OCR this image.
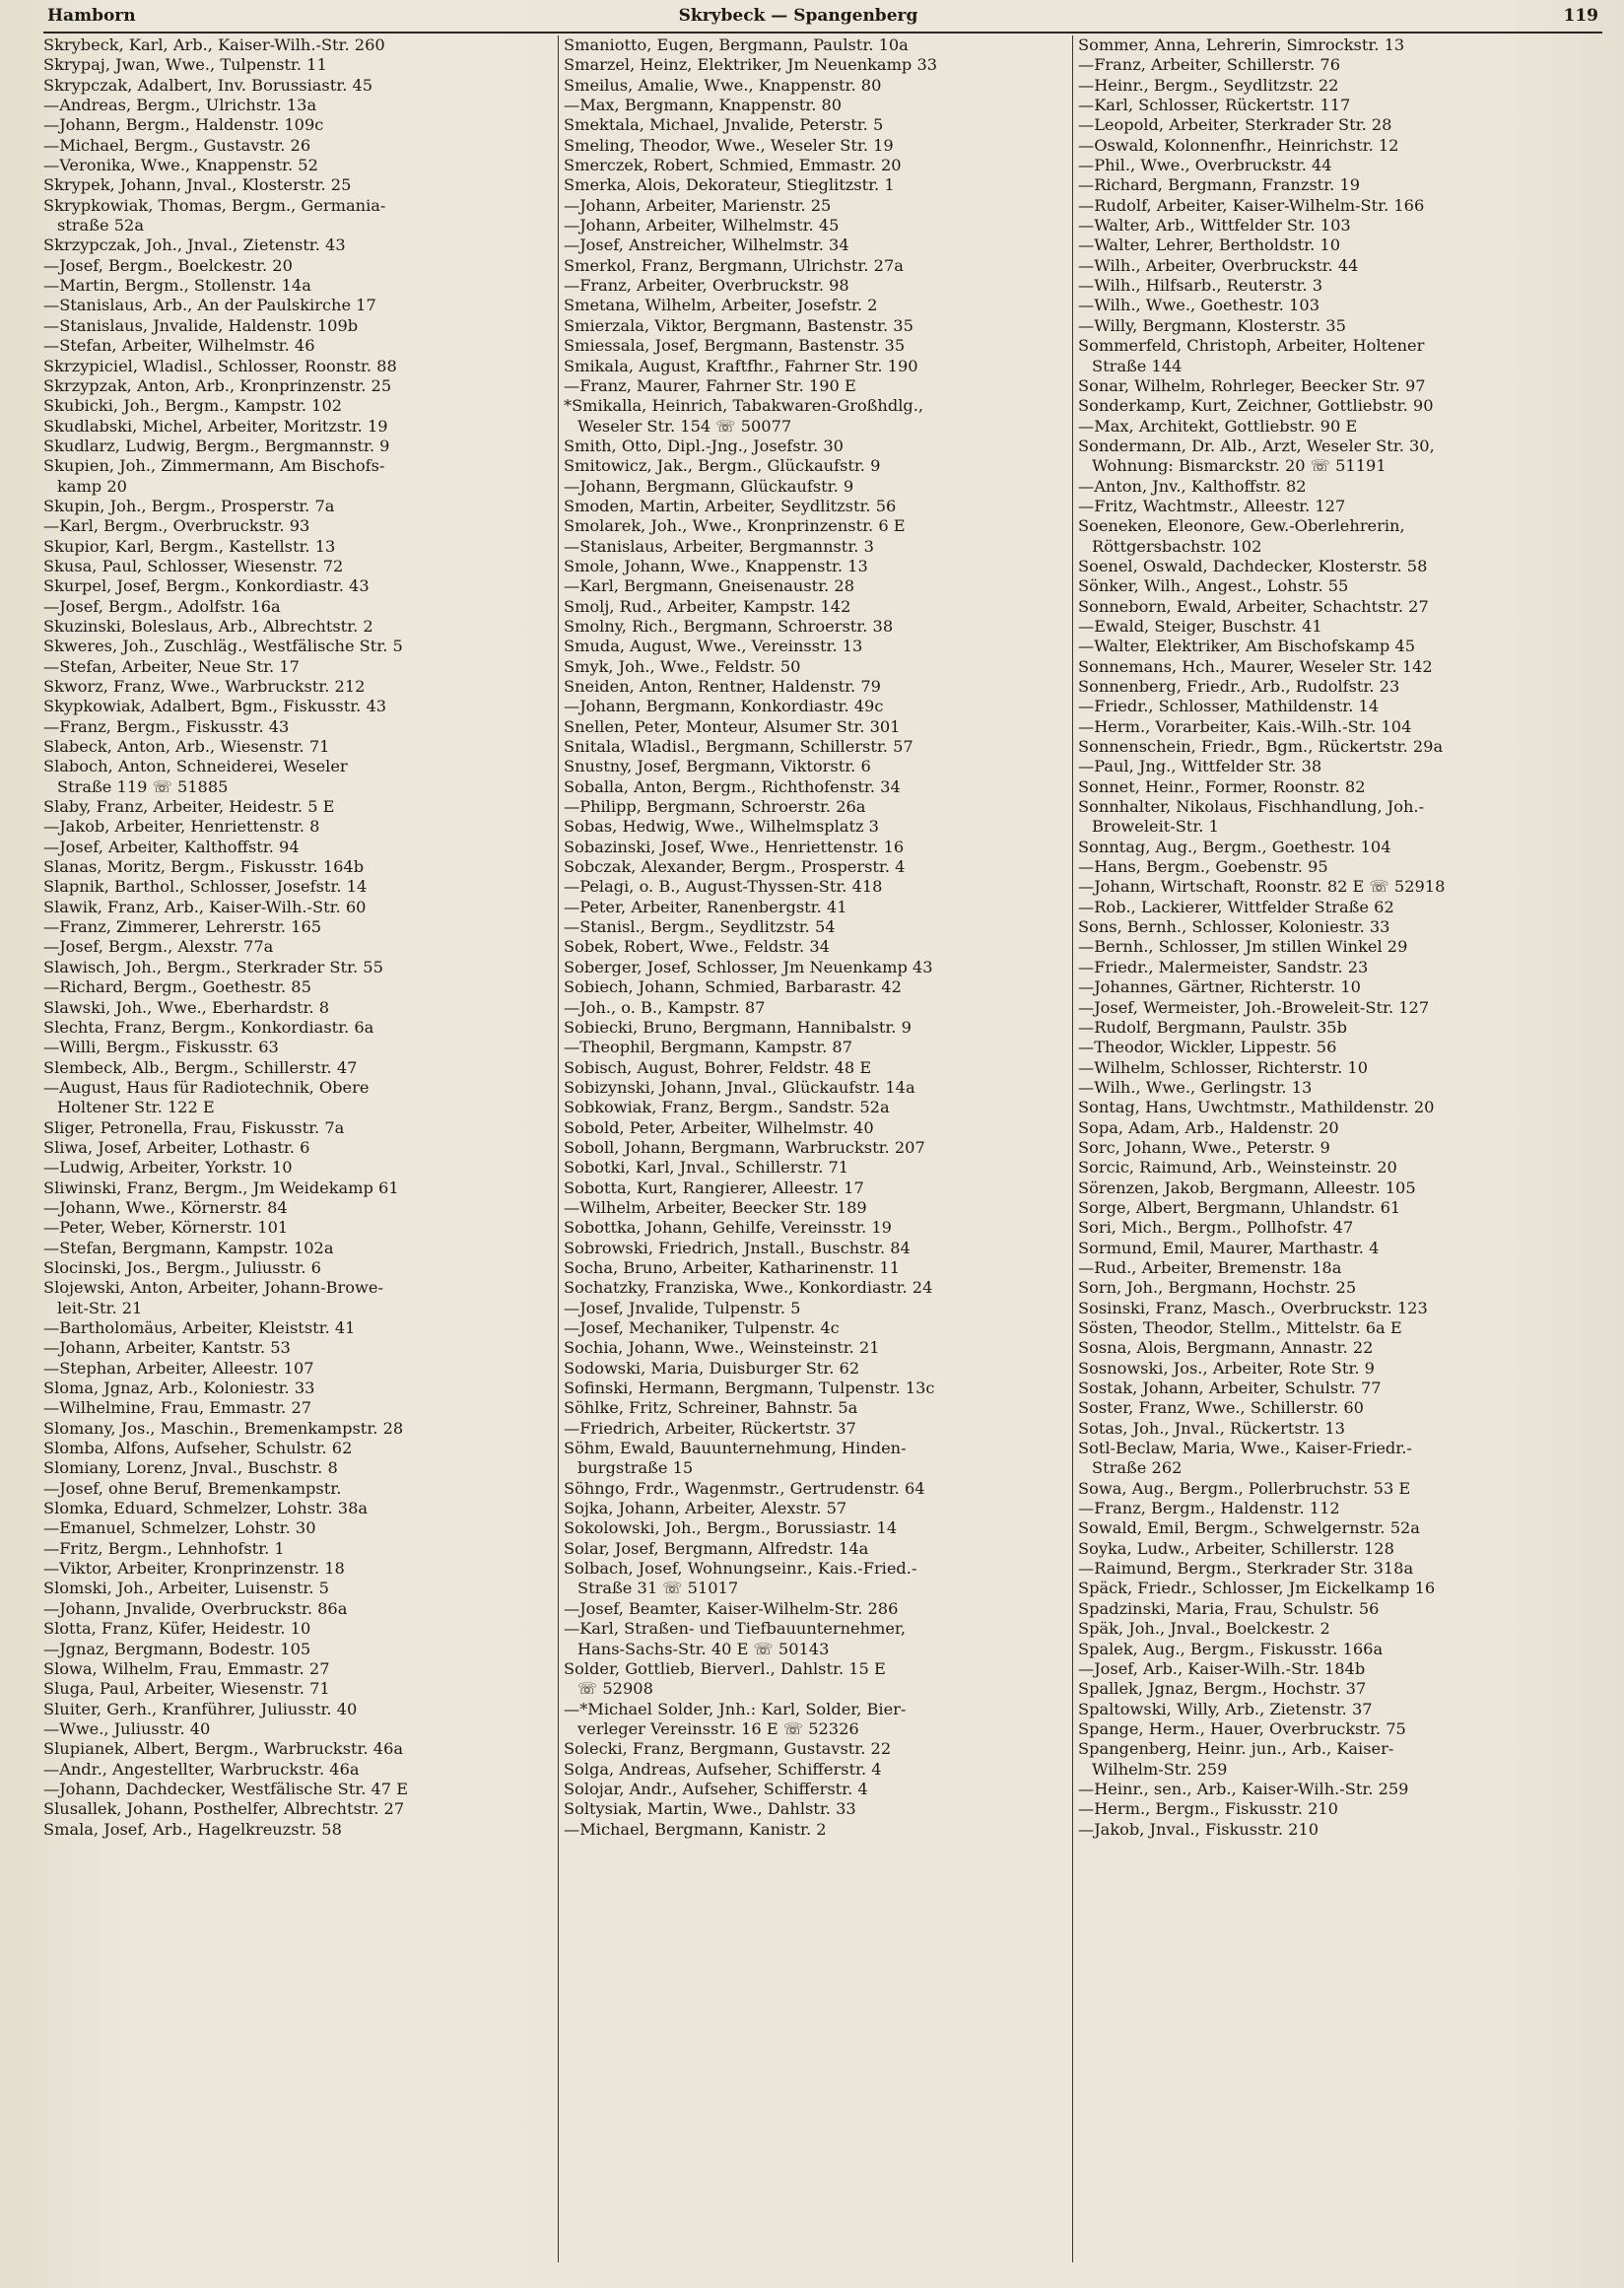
Hamborn	Skrybeck — Spangenberg	119
Skrybeck, Karl, Arb., Kaiser-Wilh.-Str. 260
Skrypaj, Jwan, Wwe., Tulpenstr. 11
Skrypczak, Adalbert, Inv. Borussiastr. 45
—Andreas, Bergm., Ulrichstr. 13a
—Johann, Bergm., Haldenstr. 109c
—Michael, Bergm., Gustavstr. 26
—Veronika, Wwe., Knappenstr. 52
Skrypek, Johann, Jnval., Klosterstr. 25
Skrypkowiak, Thomas, Bergm., Germania-
straße 52a
Skrzypczak, Joh., Jnval., Zietenstr. 43
—Josef, Bergm., Boelckestr. 20
—Martin, Bergm., Stollenstr. 14a
—Stanislaus, Arb., An der Paulskirche 17
—Stanislaus, Jnvalide, Haldenstr. 109b
—Stefan, Arbeiter, Wilhelmstr. 46
Skrzypiciel, Wladisl., Schlosser, Roonstr. 88
Skrzypzak, Anton, Arb., Kronprinzenstr. 25
Skubicki, Joh., Bergm., Kampstr. 102
Skudlabski, Michel, Arbeiter, Moritzstr. 19
Skudlarz, Ludwig, Bergm., Bergmannstr. 9
Skupien, Joh., Zimmermann, Am Bischofs-
kamp 20
Skupin, Joh., Bergm., Prosperstr. 7a
—Karl, Bergm., Overbruckstr. 93
Skupior, Karl, Bergm., Kastellstr. 13
Skusa, Paul, Schlosser, Wiesenstr. 72
Skurpel, Josef, Bergm., Konkordiastr. 43
—Josef, Bergm., Adolfstr. 16a
Skuzinski, Boleslaus, Arb., Albrechtstr. 2
Skweres, Joh., Zuschläg., Westfälische Str. 5
—Stefan, Arbeiter, Neue Str. 17
Skworz, Franz, Wwe., Warbruckstr. 212
Skypkowiak, Adalbert, Bgm., Fiskusstr. 43
—Franz, Bergm., Fiskusstr. 43
Slabeck, Anton, Arb., Wiesenstr. 71
Slaboch, Anton, Schneiderei, Weseler
Straße 119 ☏ 51885
Slaby, Franz, Arbeiter, Heidestr. 5 E
—Jakob, Arbeiter, Henriettenstr. 8
—Josef, Arbeiter, Kalthoffstr. 94
Slanas, Moritz, Bergm., Fiskusstr. 164b
Slapnik, Barthol., Schlosser, Josefstr. 14
Slawik, Franz, Arb., Kaiser-Wilh.-Str. 60
—Franz, Zimmerer, Lehrerstr. 165
—Josef, Bergm., Alexstr. 77a
Slawisch, Joh., Bergm., Sterkrader Str. 55
—Richard, Bergm., Goethestr. 85
Slawski, Joh., Wwe., Eberhardstr. 8
Slechta, Franz, Bergm., Konkordiastr. 6a
—Willi, Bergm., Fiskusstr. 63
Slembeck, Alb., Bergm., Schillerstr. 47
—August, Haus für Radiotechnik, Obere
Holtener Str. 122 E
Sliger, Petronella, Frau, Fiskusstr. 7a
Sliwa, Josef, Arbeiter, Lothastr. 6
—Ludwig, Arbeiter, Yorkstr. 10
Sliwinski, Franz, Bergm., Jm Weidekamp 61
—Johann, Wwe., Körnerstr. 84
—Peter, Weber, Körnerstr. 101
—Stefan, Bergmann, Kampstr. 102a
Slocinski, Jos., Bergm., Juliusstr. 6
Slojewski, Anton, Arbeiter, Johann-Browe-
leit-Str. 21
—Bartholomäus, Arbeiter, Kleiststr. 41
—Johann, Arbeiter, Kantstr. 53
—Stephan, Arbeiter, Alleestr. 107
Sloma, Jgnaz, Arb., Koloniestr. 33
—Wilhelmine, Frau, Emmastr. 27
Slomany, Jos., Maschin., Bremenkampstr. 28
Slomba, Alfons, Aufseher, Schulstr. 62
Slomiany, Lorenz, Jnval., Buschstr. 8
—Josef, ohne Beruf, Bremenkampstr.
Slomka, Eduard, Schmelzer, Lohstr. 38a
—Emanuel, Schmelzer, Lohstr. 30
—Fritz, Bergm., Lehnhofstr. 1
—Viktor, Arbeiter, Kronprinzenstr. 18
Slomski, Joh., Arbeiter, Luisenstr. 5
—Johann, Jnvalide, Overbruckstr. 86a
Slotta, Franz, Küfer, Heidestr. 10
—Jgnaz, Bergmann, Bodestr. 105
Slowa, Wilhelm, Frau, Emmastr. 27
Sluga, Paul, Arbeiter, Wiesenstr. 71
Sluiter, Gerh., Kranführer, Juliusstr. 40
—Wwe., Juliusstr. 40
Slupianek, Albert, Bergm., Warbruckstr. 46a
—Andr., Angestellter, Warbruckstr. 46a
—Johann, Dachdecker, Westfälische Str. 47 E
Slusallek, Johann, Posthelfer, Albrechtstr. 27
Smala, Josef, Arb., Hagelkreuzstr. 58
Smaniotto, Eugen, Bergmann, Paulstr. 10a
Smarzel, Heinz, Elektriker, Jm Neuenkamp 33
Smeilus, Amalie, Wwe., Knappenstr. 80
—Max, Bergmann, Knappenstr. 80
Smektala, Michael, Jnvalide, Peterstr. 5
Smeling, Theodor, Wwe., Weseler Str. 19
Smerczek, Robert, Schmied, Emmastr. 20
Smerka, Alois, Dekorateur, Stieglitzstr. 1
—Johann, Arbeiter, Marienstr. 25
—Johann, Arbeiter, Wilhelmstr. 45
—Josef, Anstreicher, Wilhelmstr. 34
Smerkol, Franz, Bergmann, Ulrichstr. 27a
—Franz, Arbeiter, Overbruckstr. 98
Smetana, Wilhelm, Arbeiter, Josefstr. 2
Smierzala, Viktor, Bergmann, Bastenstr. 35
Smiessala, Josef, Bergmann, Bastenstr. 35
Smikala, August, Kraftfhr., Fahrner Str. 190
—Franz, Maurer, Fahrner Str. 190 E
*Smikalla, Heinrich, Tabakwaren-Großhdlg.,
Weseler Str. 154 ☏ 50077
Smith, Otto, Dipl.-Jng., Josefstr. 30
Smitowicz, Jak., Bergm., Glückaufstr. 9
—Johann, Bergmann, Glückaufstr. 9
Smoden, Martin, Arbeiter, Seydlitzstr. 56
Smolarek, Joh., Wwe., Kronprinzenstr. 6 E
—Stanislaus, Arbeiter, Bergmannstr. 3
Smole, Johann, Wwe., Knappenstr. 13
—Karl, Bergmann, Gneisenaustr. 28
Smolj, Rud., Arbeiter, Kampstr. 142
Smolny, Rich., Bergmann, Schroerstr. 38
Smuda, August, Wwe., Vereinsstr. 13
Smyk, Joh., Wwe., Feldstr. 50
Sneiden, Anton, Rentner, Haldenstr. 79
—Johann, Bergmann, Konkordiastr. 49c
Snellen, Peter, Monteur, Alsumer Str. 301
Snitala, Wladisl., Bergmann, Schillerstr. 57
Snustny, Josef, Bergmann, Viktorstr. 6
Soballa, Anton, Bergm., Richthofenstr. 34
—Philipp, Bergmann, Schroerstr. 26a
Sobas, Hedwig, Wwe., Wilhelmsplatz 3
Sobazinski, Josef, Wwe., Henriettenstr. 16
Sobczak, Alexander, Bergm., Prosperstr. 4
—Pelagi, o. B., August-Thyssen-Str. 418
—Peter, Arbeiter, Ranenbergstr. 41
—Stanisl., Bergm., Seydlitzstr. 54
Sobek, Robert, Wwe., Feldstr. 34
Soberger, Josef, Schlosser, Jm Neuenkamp 43
Sobiech, Johann, Schmied, Barbarastr. 42
—Joh., o. B., Kampstr. 87
Sobiecki, Bruno, Bergmann, Hannibalstr. 9
—Theophil, Bergmann, Kampstr. 87
Sobisch, August, Bohrer, Feldstr. 48 E
Sobizynski, Johann, Jnval., Glückaufstr. 14a
Sobkowiak, Franz, Bergm., Sandstr. 52a
Sobold, Peter, Arbeiter, Wilhelmstr. 40
Soboll, Johann, Bergmann, Warbruckstr. 207
Sobotki, Karl, Jnval., Schillerstr. 71
Sobotta, Kurt, Rangierer, Alleestr. 17
—Wilhelm, Arbeiter, Beecker Str. 189
Sobottka, Johann, Gehilfe, Vereinsstr. 19
Sobrowski, Friedrich, Jnstall., Buschstr. 84
Socha, Bruno, Arbeiter, Katharinenstr. 11
Sochatzky, Franziska, Wwe., Konkordiastr. 24
—Josef, Jnvalide, Tulpenstr. 5
—Josef, Mechaniker, Tulpenstr. 4c
Sochia, Johann, Wwe., Weinsteinstr. 21
Sodowski, Maria, Duisburger Str. 62
Sofinski, Hermann, Bergmann, Tulpenstr. 13c
Söhlke, Fritz, Schreiner, Bahnstr. 5a
—Friedrich, Arbeiter, Rückertstr. 37
Söhm, Ewald, Bauunternehmung, Hinden-
burgstraße 15
Söhngo, Frdr., Wagenmstr., Gertrudenstr. 64
Sojka, Johann, Arbeiter, Alexstr. 57
Sokolowski, Joh., Bergm., Borussiastr. 14
Solar, Josef, Bergmann, Alfredstr. 14a
Solbach, Josef, Wohnungseinr., Kais.-Fried.-
Straße 31 ☏ 51017
—Josef, Beamter, Kaiser-Wilhelm-Str. 286
—Karl, Straßen- und Tiefbauunternehmer,
Hans-Sachs-Str. 40 E ☏ 50143
Solder, Gottlieb, Bierverl., Dahlstr. 15 E
☏ 52908
—*Michael Solder, Jnh.: Karl, Solder, Bier-
verleger Vereinsstr. 16 E ☏ 52326
Solecki, Franz, Bergmann, Gustavstr. 22
Solga, Andreas, Aufseher, Schifferstr. 4
Solojar, Andr., Aufseher, Schifferstr. 4
Soltysiak, Martin, Wwe., Dahlstr. 33
—Michael, Bergmann, Kanistr. 2
Sommer, Anna, Lehrerin, Simrockstr. 13
—Franz, Arbeiter, Schillerstr. 76
—Heinr., Bergm., Seydlitzstr. 22
—Karl, Schlosser, Rückertstr. 117
—Leopold, Arbeiter, Sterkrader Str. 28
—Oswald, Kolonnenfhr., Heinrichstr. 12
—Phil., Wwe., Overbruckstr. 44
—Richard, Bergmann, Franzstr. 19
—Rudolf, Arbeiter, Kaiser-Wilhelm-Str. 166
—Walter, Arb., Wittfelder Str. 103
—Walter, Lehrer, Bertholdstr. 10
—Wilh., Arbeiter, Overbruckstr. 44
—Wilh., Hilfsarb., Reuterstr. 3
—Wilh., Wwe., Goethestr. 103
—Willy, Bergmann, Klosterstr. 35
Sommerfeld, Christoph, Arbeiter, Holtener
Straße 144
Sonar, Wilhelm, Rohrleger, Beecker Str. 97
Sonderkamp, Kurt, Zeichner, Gottliebstr. 90
—Max, Architekt, Gottliebstr. 90 E
Sondermann, Dr. Alb., Arzt, Weseler Str. 30,
Wohnung: Bismarckstr. 20 ☏ 51191
—Anton, Jnv., Kalthoffstr. 82
—Fritz, Wachtmstr., Alleestr. 127
Soeneken, Eleonore, Gew.-Oberlehrerin,
Röttgersbachstr. 102
Soenel, Oswald, Dachdecker, Klosterstr. 58
Sönker, Wilh., Angest., Lohstr. 55
Sonneborn, Ewald, Arbeiter, Schachtstr. 27
—Ewald, Steiger, Buschstr. 41
—Walter, Elektriker, Am Bischofskamp 45
Sonnemans, Hch., Maurer, Weseler Str. 142
Sonnenberg, Friedr., Arb., Rudolfstr. 23
—Friedr., Schlosser, Mathildenstr. 14
—Herm., Vorarbeiter, Kais.-Wilh.-Str. 104
Sonnenschein, Friedr., Bgm., Rückertstr. 29a
—Paul, Jng., Wittfelder Str. 38
Sonnet, Heinr., Former, Roonstr. 82
Sonnhalter, Nikolaus, Fischhandlung, Joh.-
Broweleit-Str. 1
Sonntag, Aug., Bergm., Goethestr. 104
—Hans, Bergm., Goebenstr. 95
—Johann, Wirtschaft, Roonstr. 82 E ☏ 52918
—Rob., Lackierer, Wittfelder Straße 62
Sons, Bernh., Schlosser, Koloniestr. 33
—Bernh., Schlosser, Jm stillen Winkel 29
—Friedr., Malermeister, Sandstr. 23
—Johannes, Gärtner, Richterstr. 10
—Josef, Wermeister, Joh.-Broweleit-Str. 127
—Rudolf, Bergmann, Paulstr. 35b
—Theodor, Wickler, Lippestr. 56
—Wilhelm, Schlosser, Richterstr. 10
—Wilh., Wwe., Gerlingstr. 13
Sontag, Hans, Uwchtmstr., Mathildenstr. 20
Sopa, Adam, Arb., Haldenstr. 20
Sorc, Johann, Wwe., Peterstr. 9
Sorcic, Raimund, Arb., Weinsteinstr. 20
Sörenzen, Jakob, Bergmann, Alleestr. 105
Sorge, Albert, Bergmann, Uhlandstr. 61
Sori, Mich., Bergm., Pollhofstr. 47
Sormund, Emil, Maurer, Marthastr. 4
—Rud., Arbeiter, Bremenstr. 18a
Sorn, Joh., Bergmann, Hochstr. 25
Sosinski, Franz, Masch., Overbruckstr. 123
Sösten, Theodor, Stellm., Mittelstr. 6a E
Sosna, Alois, Bergmann, Annastr. 22
Sosnowski, Jos., Arbeiter, Rote Str. 9
Sostak, Johann, Arbeiter, Schulstr. 77
Soster, Franz, Wwe., Schillerstr. 60
Sotas, Joh., Jnval., Rückertstr. 13
Sotl-Beclaw, Maria, Wwe., Kaiser-Friedr.-
Straße 262
Sowa, Aug., Bergm., Pollerbruchstr. 53 E
—Franz, Bergm., Haldenstr. 112
Sowald, Emil, Bergm., Schwelgernstr. 52a
Soyka, Ludw., Arbeiter, Schillerstr. 128
—Raimund, Bergm., Sterkrader Str. 318a
Späck, Friedr., Schlosser, Jm Eickelkamp 16
Spadzinski, Maria, Frau, Schulstr. 56
Späk, Joh., Jnval., Boelckestr. 2
Spalek, Aug., Bergm., Fiskusstr. 166a
—Josef, Arb., Kaiser-Wilh.-Str. 184b
Spallek, Jgnaz, Bergm., Hochstr. 37
Spaltowski, Willy, Arb., Zietenstr. 37
Spange, Herm., Hauer, Overbruckstr. 75
Spangenberg, Heinr. jun., Arb., Kaiser-
Wilhelm-Str. 259
—Heinr., sen., Arb., Kaiser-Wilh.-Str. 259
—Herm., Bergm., Fiskusstr. 210
—Jakob, Jnval., Fiskusstr. 210
